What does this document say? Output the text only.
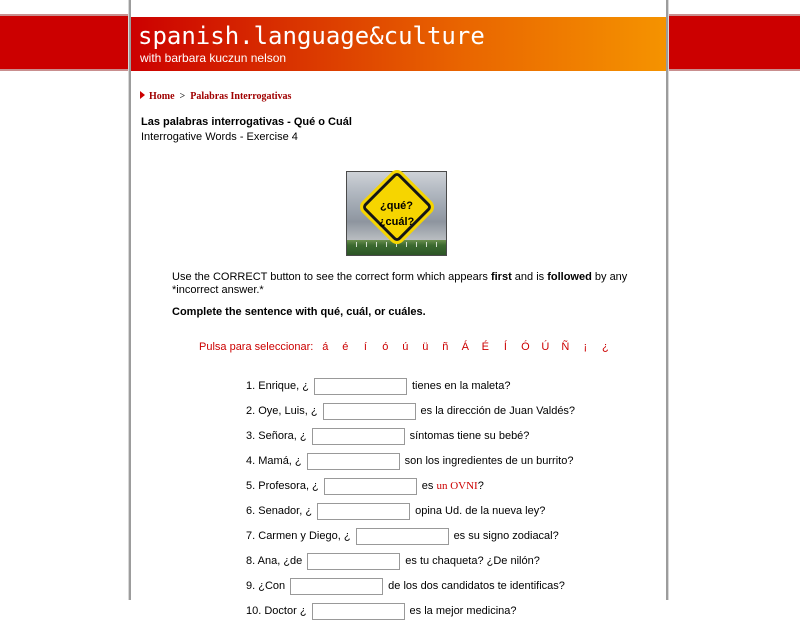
spanish.language&culture
with barbara kuczun nelson
Home > Palabras Interrogativas
Las palabras interrogativas - Qué o Cuál
Interrogative Words - Exercise 4
¿qué?
¿cuál?
Use the CORRECT button to see the correct form which appears first and is followed by any *incorrect answer.*
Complete the sentence with qué, cuál, or cuáles.
Pulsa para seleccionar: á é í ó ú ü ñ Á É Í Ó Ú Ñ ¡ ¿
1. Enrique, ¿	tienes en la maleta?
2. Oye, Luis, ¿	es la dirección de Juan Valdés?
3. Señora, ¿	síntomas tiene su bebé?
4. Mamá, ¿	son los ingredientes de un burrito?
5. Profesora, ¿	es un OVNI?
6. Senador, ¿	opina Ud. de la nueva ley?
7. Carmen y Diego, ¿	es su signo zodiacal?
8. Ana, ¿de	es tu chaqueta? ¿De nilón?
9. ¿Con	de los dos candidatos te identificas?
10. Doctor ¿	es la mejor medicina?
